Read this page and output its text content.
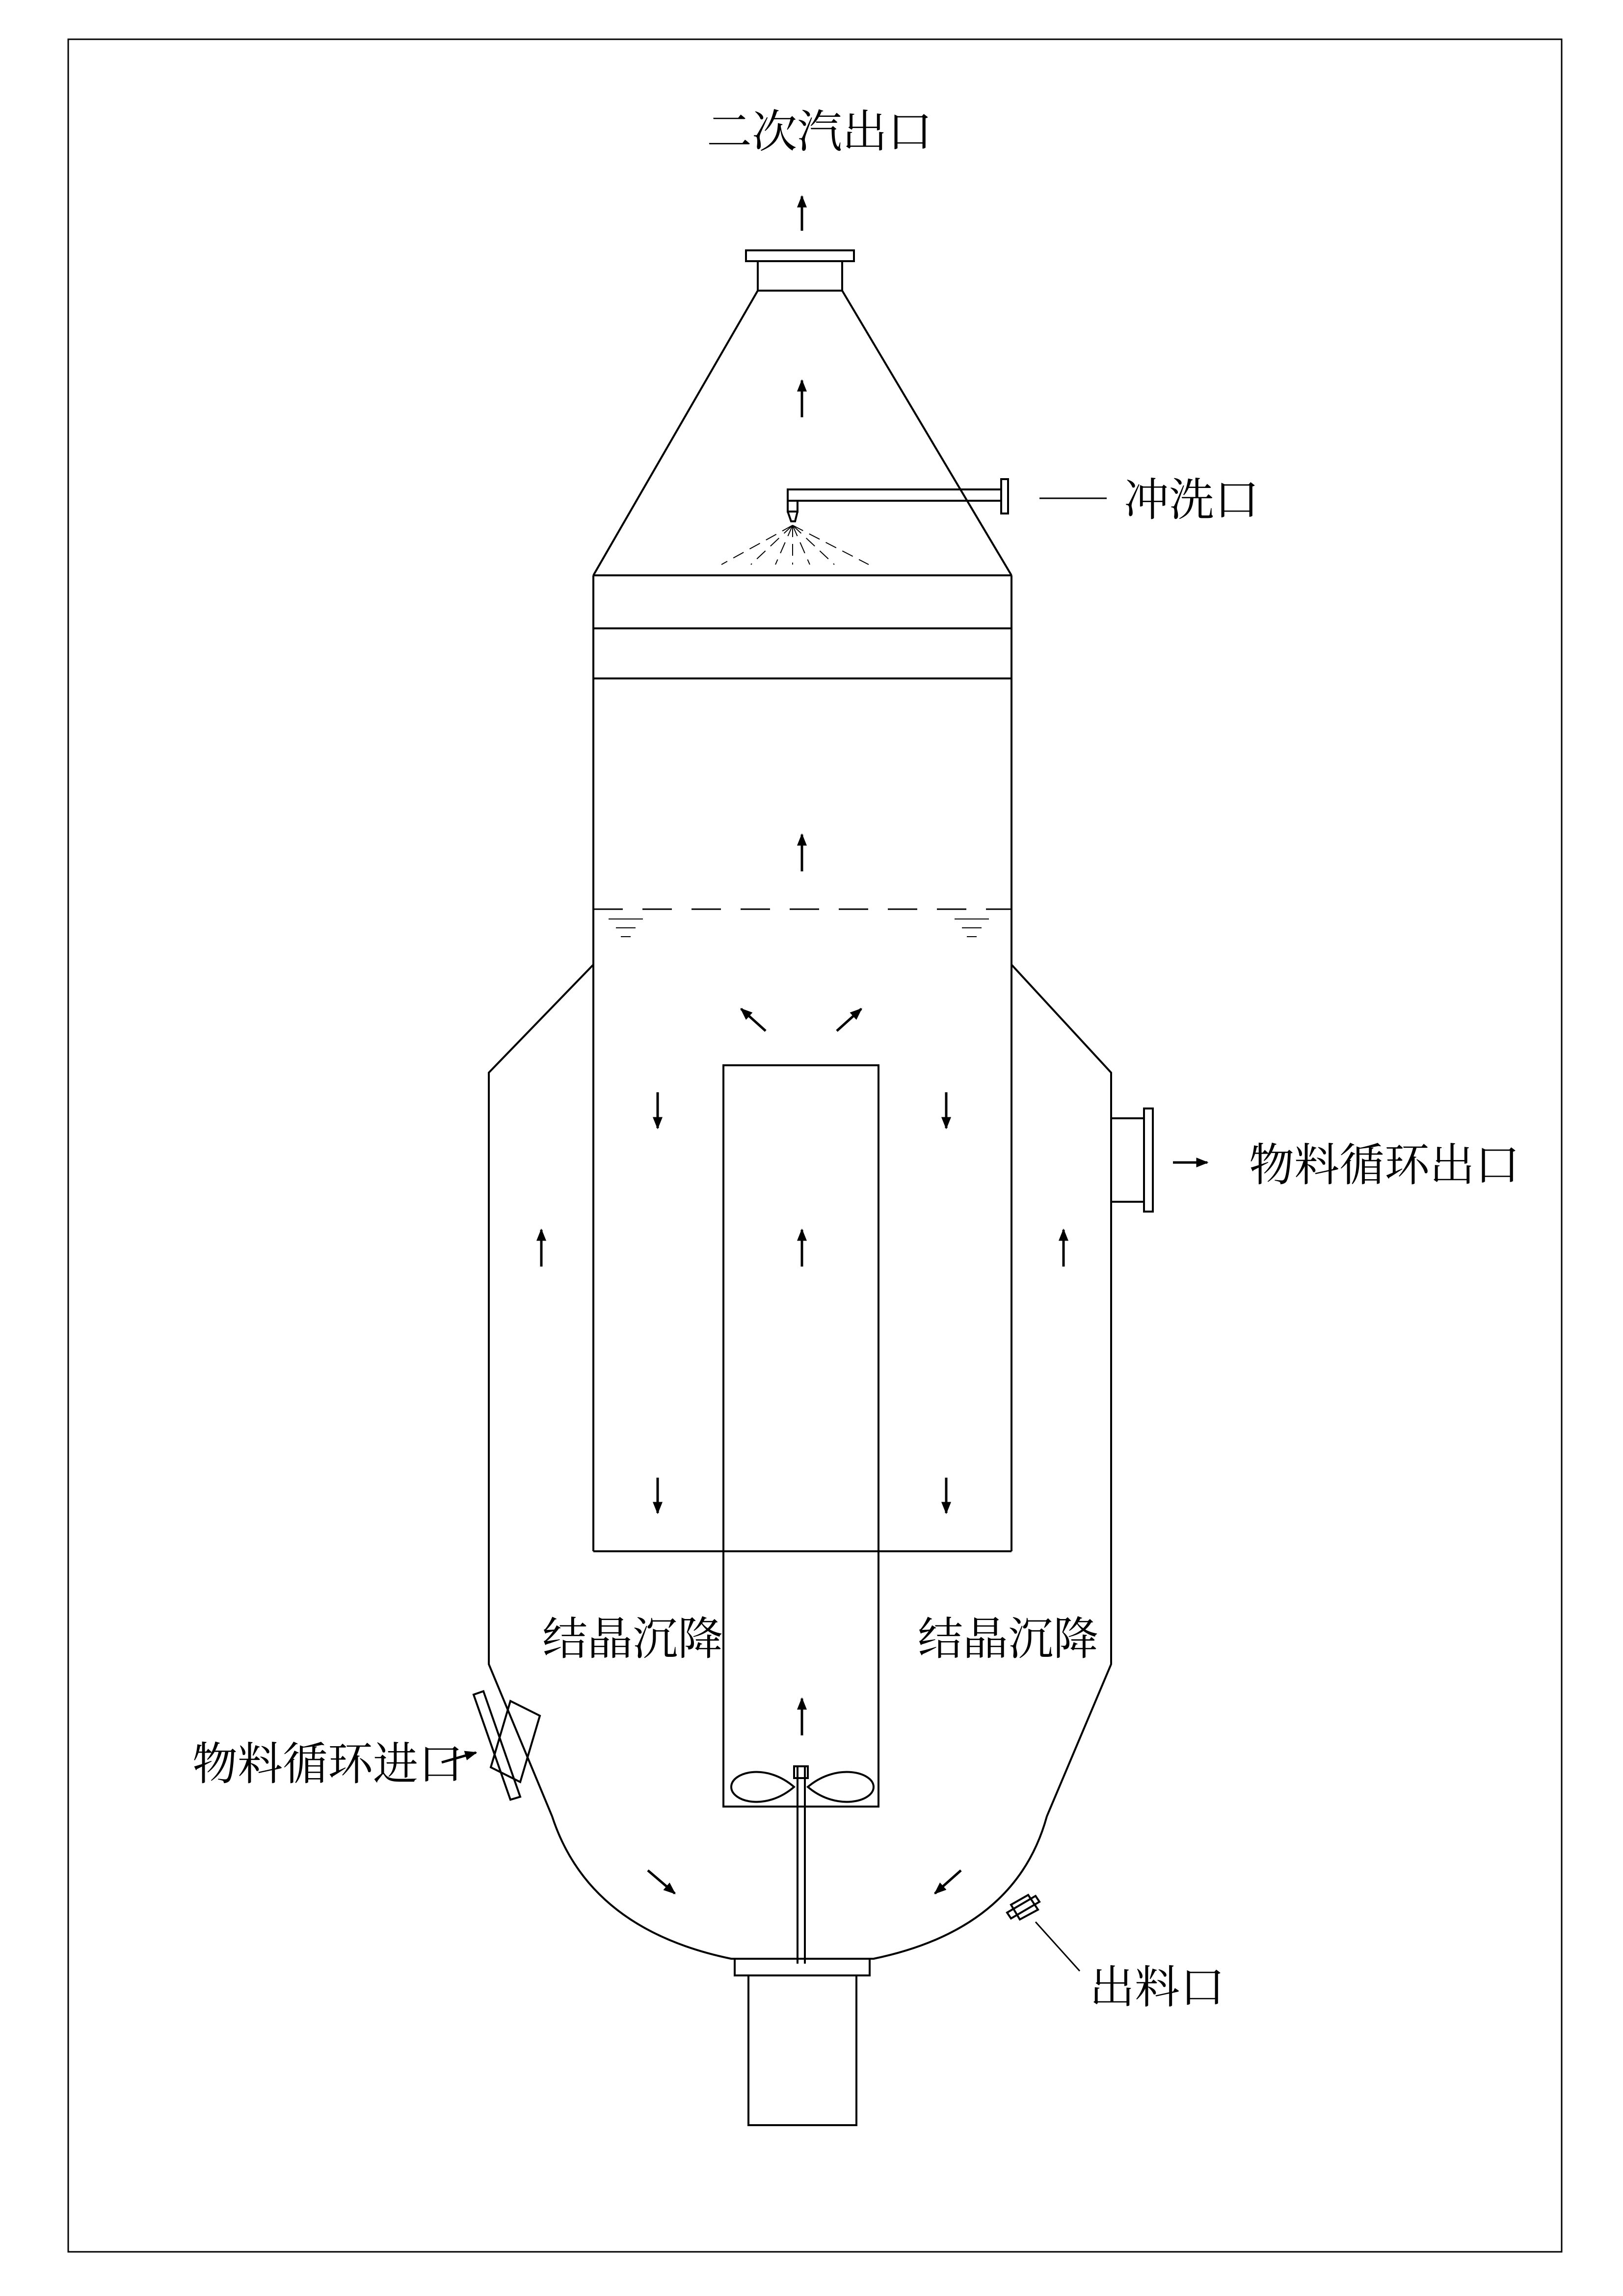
二次汽出口
冲洗口
物料循环出口
结晶沉降	结晶沉降
物料循环进口
出料口
